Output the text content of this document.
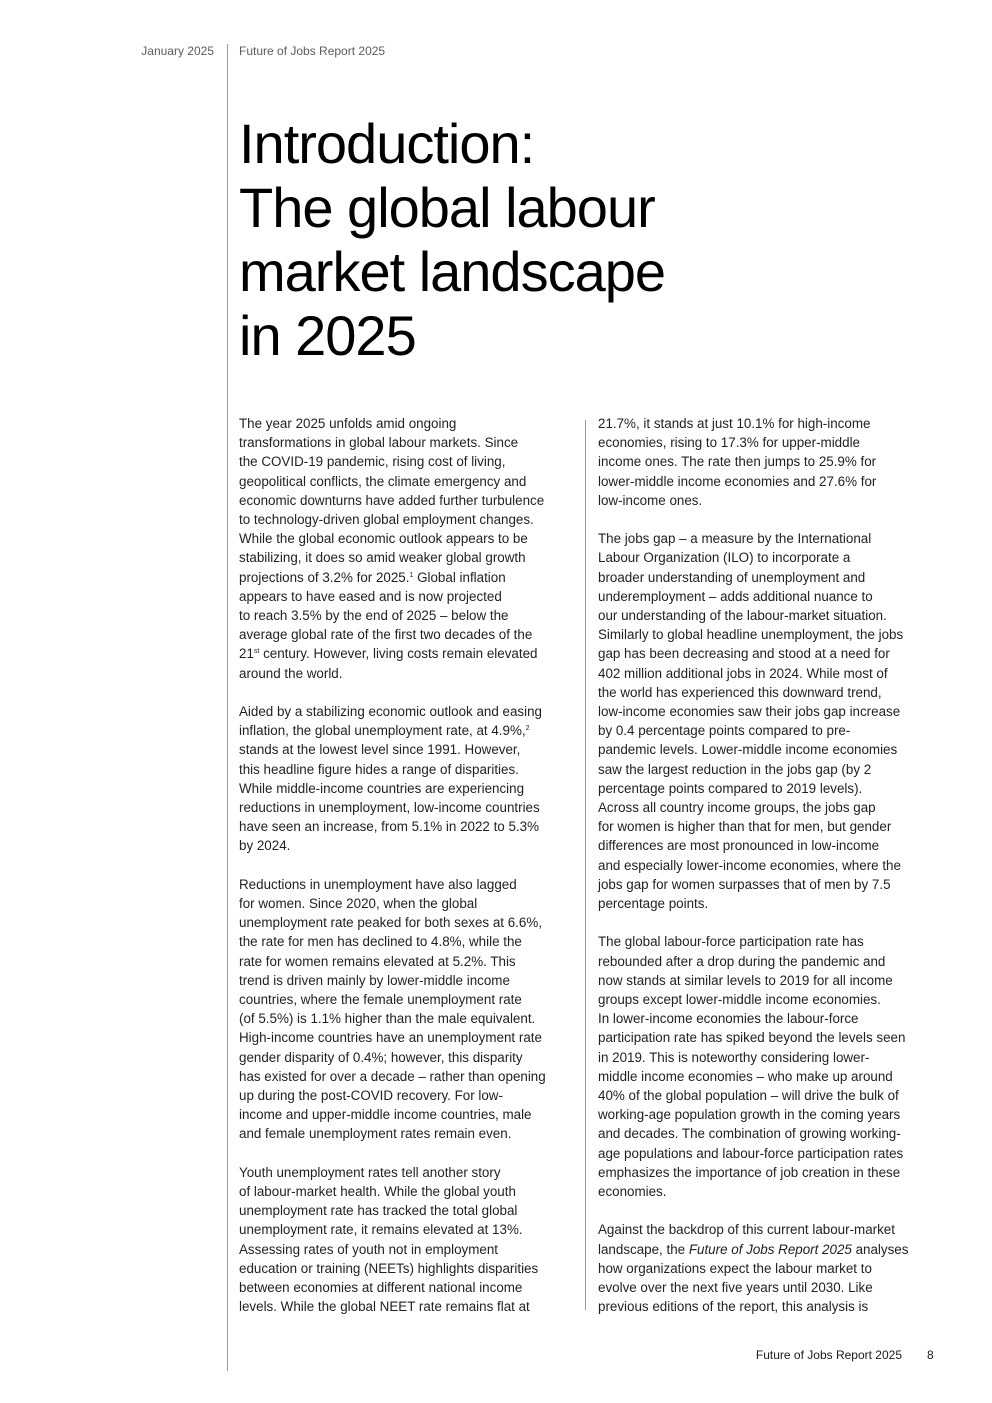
January 2025 Future of Jobs Report 2025
Introduction:
The global labour
market landscape
in 2025

The year 2025 unfolds amid ongoing
transformations in global labour markets. Since
the COVID-19 pandemic, rising cost of living,
geopolitical conflicts, the climate emergency and
economic downturns have added further turbulence
to technology-driven global employment changes.
While the global economic outlook appears to be
stabilizing, it does so amid weaker global growth
projections of 3.2% for 2025.$^1$ Global inflation
appears to have eased and is now projected
to reach 3.5% by the end of 2025 – below the
average global rate of the first two decades of the
21st century. However, living costs remain elevated
around the world.

Aided by a stabilizing economic outlook and easing
inflation, the global unemployment rate, at 4.9%,$^2$
stands at the lowest level since 1991. However,
this headline figure hides a range of disparities.
While middle-income countries are experiencing
reductions in unemployment, low-income countries
have seen an increase, from 5.1% in 2022 to 5.3%
by 2024.

Reductions in unemployment have also lagged
for women. Since 2020, when the global
unemployment rate peaked for both sexes at 6.6%,
the rate for men has declined to 4.8%, while the
rate for women remains elevated at 5.2%. This
trend is driven mainly by lower-middle income
countries, where the female unemployment rate
(of 5.5%) is 1.1% higher than the male equivalent.
High-income countries have an unemployment rate
gender disparity of 0.4%; however, this disparity
has existed for over a decade – rather than opening
up during the post-COVID recovery. For low-
income and upper-middle income countries, male
and female unemployment rates remain even.

Youth unemployment rates tell another story
of labour-market health. While the global youth
unemployment rate has tracked the total global
unemployment rate, it remains elevated at 13%.
Assessing rates of youth not in employment
education or training (NEETs) highlights disparities
between economies at different national income
levels. While the global NEET rate remains flat at

21.7%, it stands at just 10.1% for high-income
economies, rising to 17.3% for upper-middle
income ones. The rate then jumps to 25.9% for
lower-middle income economies and 27.6% for
low-income ones.

The jobs gap – a measure by the International
Labour Organization (ILO) to incorporate a
broader understanding of unemployment and
underemployment – adds additional nuance to
our understanding of the labour-market situation.
Similarly to global headline unemployment, the jobs
gap has been decreasing and stood at a need for
402 million additional jobs in 2024. While most of
the world has experienced this downward trend,
low-income economies saw their jobs gap increase
by 0.4 percentage points compared to pre-
pandemic levels. Lower-middle income economies
saw the largest reduction in the jobs gap (by 2
percentage points compared to 2019 levels).
Across all country income groups, the jobs gap
for women is higher than that for men, but gender
differences are most pronounced in low-income
and especially lower-income economies, where the
jobs gap for women surpasses that of men by 7.5
percentage points.

The global labour-force participation rate has
rebounded after a drop during the pandemic and
now stands at similar levels to 2019 for all income
groups except lower-middle income economies.
In lower-income economies the labour-force
participation rate has spiked beyond the levels seen
in 2019. This is noteworthy considering lower-
middle income economies – who make up around
40% of the global population – will drive the bulk of
working-age population growth in the coming years
and decades. The combination of growing working-
age populations and labour-force participation rates
emphasizes the importance of job creation in these
economies.

Against the backdrop of this current labour-market
landscape, the Future of Jobs Report 2025 analyses
how organizations expect the labour market to
evolve over the next five years until 2030. Like
previous editions of the report, this analysis is

Future of Jobs Report 2025 8
